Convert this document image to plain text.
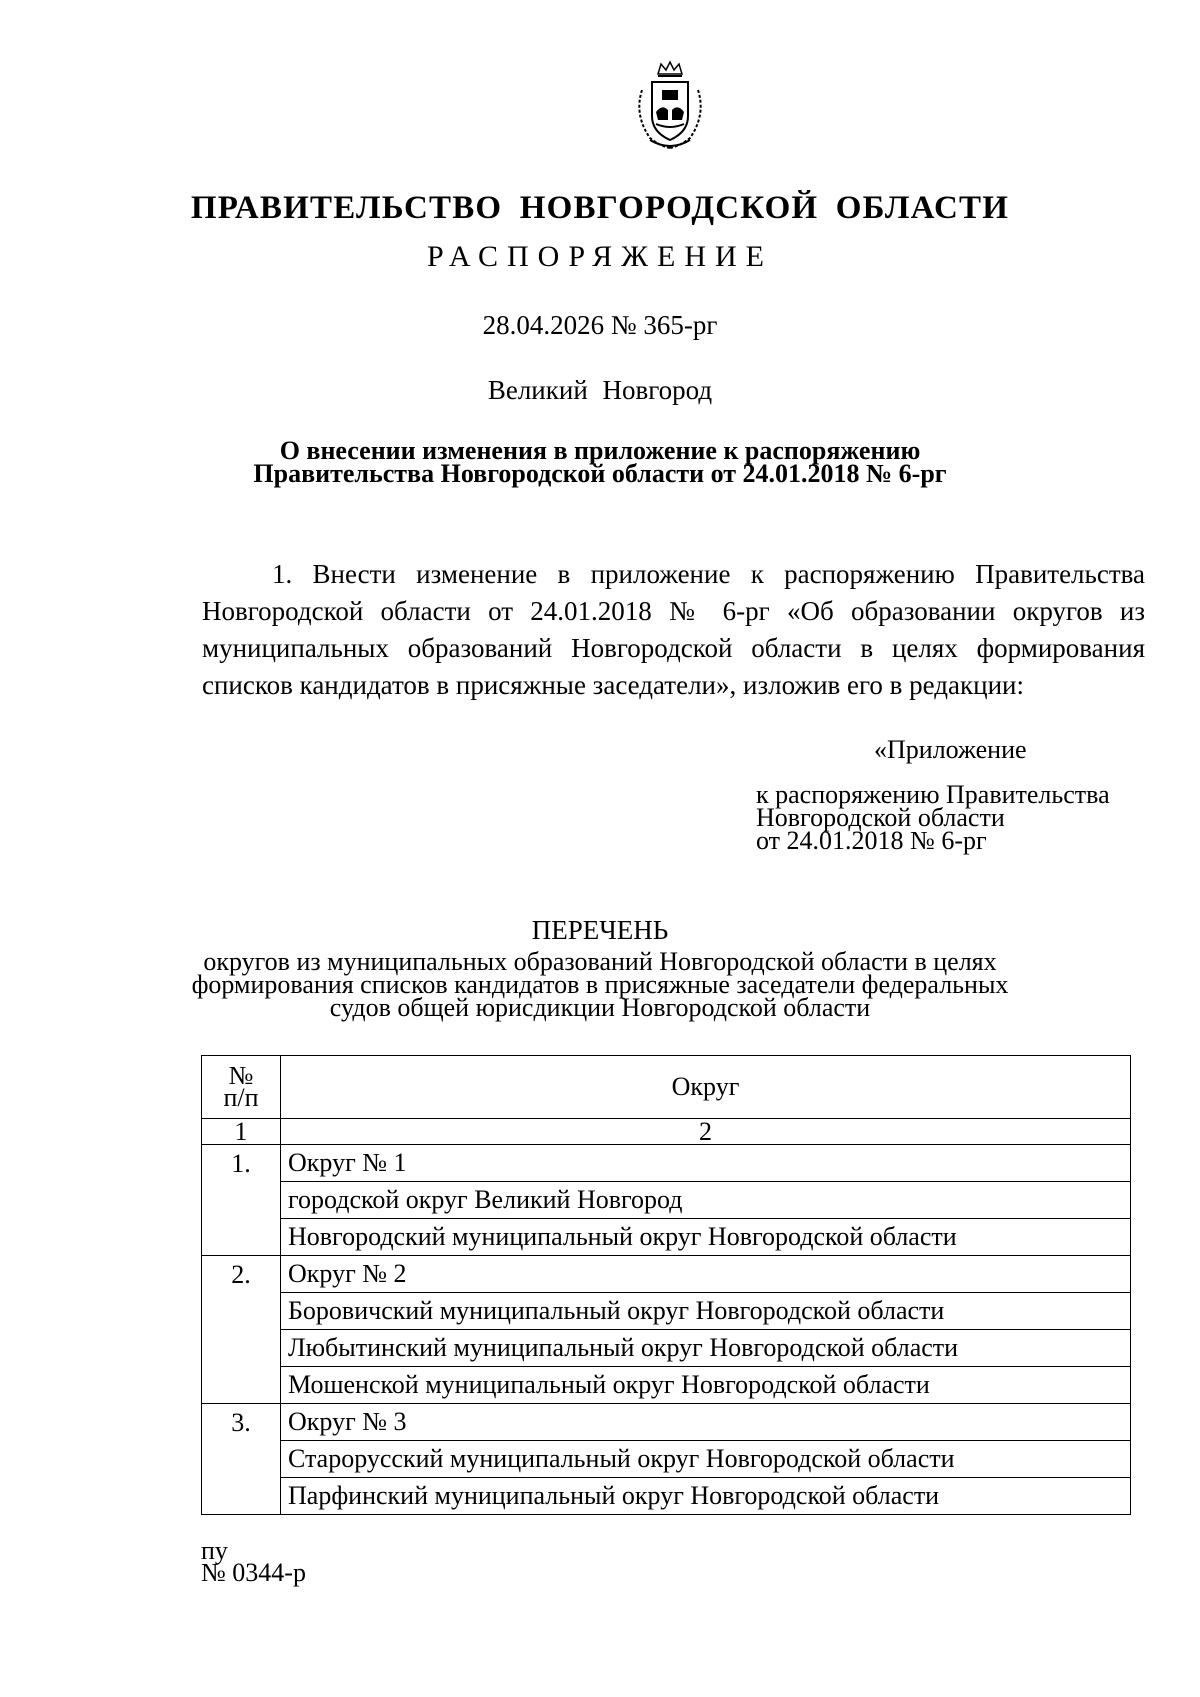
ПРАВИТЕЛЬСТВО НОВГОРОДСКОЙ ОБЛАСТИ
РАСПОРЯЖЕНИЕ
28.04.2026 № 365-рг
Великий Новгород
О внесении изменения в приложение к распоряжению
Правительства Новгородской области от 24.01.2018 № 6-рг
1. Внести изменение в приложение к распоряжению Правительства Новгородской области от 24.01.2018 № 6-рг «Об образовании округов из муниципальных образований Новгородской области в целях формирования списков кандидатов в присяжные заседатели», изложив его в редакции:
«Приложение
к распоряжению Правительства
Новгородской области
от 24.01.2018 № 6-рг
ПЕРЕЧЕНЬ
округов из муниципальных образований Новгородской области в целях
формирования списков кандидатов в присяжные заседатели федеральных
судов общей юрисдикции Новгородской области
№
п/п	Округ
1	2
1.	Округ № 1
	городской округ Великий Новгород
	Новгородский муниципальный округ Новгородской области
2.	Округ № 2
	Боровичский муниципальный округ Новгородской области
	Любытинский муниципальный округ Новгородской области
	Мошенской муниципальный округ Новгородской области
3.	Округ № 3
	Старорусский муниципальный округ Новгородской области
	Парфинский муниципальный округ Новгородской области
пу
№ 0344-р
